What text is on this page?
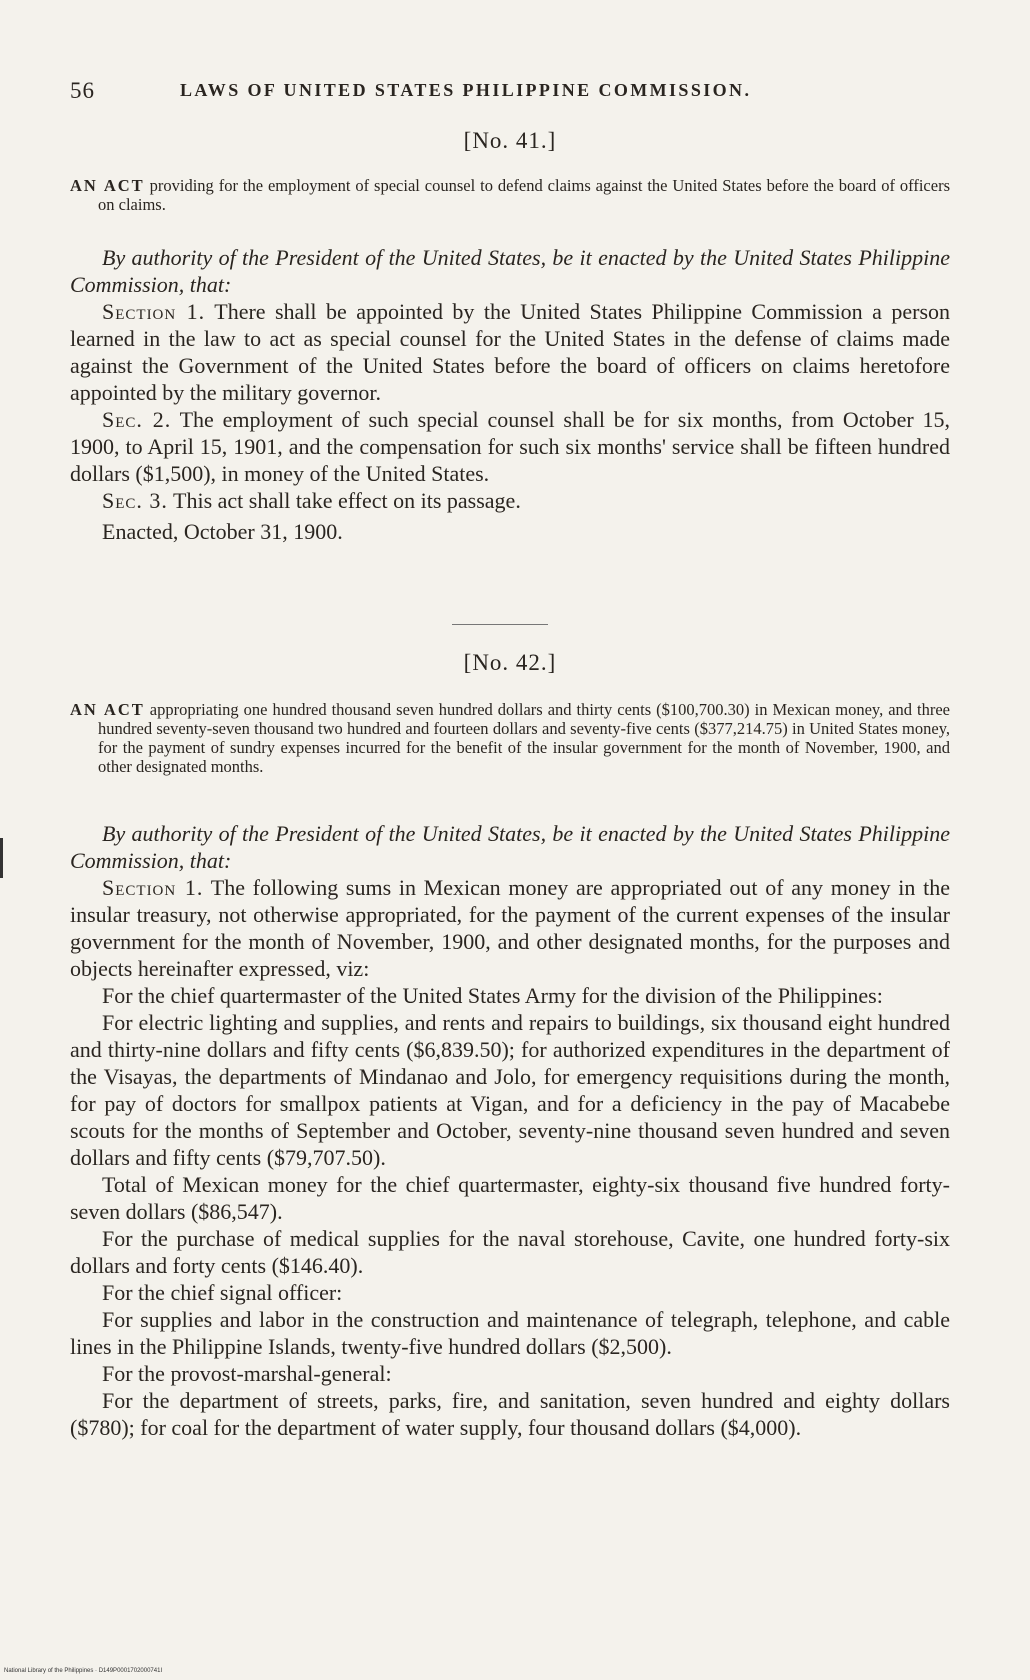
56	LAWS OF UNITED STATES PHILIPPINE COMMISSION.
[No. 41.]
AN ACT providing for the employment of special counsel to defend claims against the United States before the board of officers on claims.

By authority of the President of the United States, be it enacted by the United States Philippine Commission, that:

Section 1. There shall be appointed by the United States Philippine Commission a person learned in the law to act as special counsel for the United States in the defense of claims made against the Government of the United States before the board of officers on claims heretofore appointed by the military governor.

Sec. 2. The employment of such special counsel shall be for six months, from October 15, 1900, to April 15, 1901, and the compensation for such six months' service shall be fifteen hundred dollars ($1,500), in money of the United States.

Sec. 3. This act shall take effect on its passage.

Enacted, October 31, 1900.

[No. 42.]
AN ACT appropriating one hundred thousand seven hundred dollars and thirty cents ($100,700.30) in Mexican money, and three hundred seventy-seven thousand two hundred and fourteen dollars and seventy-five cents ($377,214.75) in United States money, for the payment of sundry expenses incurred for the benefit of the insular government for the month of November, 1900, and other designated months.

By authority of the President of the United States, be it enacted by the United States Philippine Commission, that:

Section 1. The following sums in Mexican money are appropriated out of any money in the insular treasury, not otherwise appropriated, for the payment of the current expenses of the insular government for the month of November, 1900, and other designated months, for the purposes and objects hereinafter expressed, viz:

For the chief quartermaster of the United States Army for the division of the Philippines:

For electric lighting and supplies, and rents and repairs to buildings, six thousand eight hundred and thirty-nine dollars and fifty cents ($6,839.50); for authorized expenditures in the department of the Visayas, the departments of Mindanao and Jolo, for emergency requisitions during the month, for pay of doctors for smallpox patients at Vigan, and for a deficiency in the pay of Macabebe scouts for the months of September and October, seventy-nine thousand seven hundred and seven dollars and fifty cents ($79,707.50).

Total of Mexican money for the chief quartermaster, eighty-six thousand five hundred forty-seven dollars ($86,547).

For the purchase of medical supplies for the naval storehouse, Cavite, one hundred forty-six dollars and forty cents ($146.40).

For the chief signal officer:

For supplies and labor in the construction and maintenance of telegraph, telephone, and cable lines in the Philippine Islands, twenty-five hundred dollars ($2,500).

For the provost-marshal-general:

For the department of streets, parks, fire, and sanitation, seven hundred and eighty dollars ($780); for coal for the department of water supply, four thousand dollars ($4,000).

National Library of the Philippines · D149P0001702000741I
